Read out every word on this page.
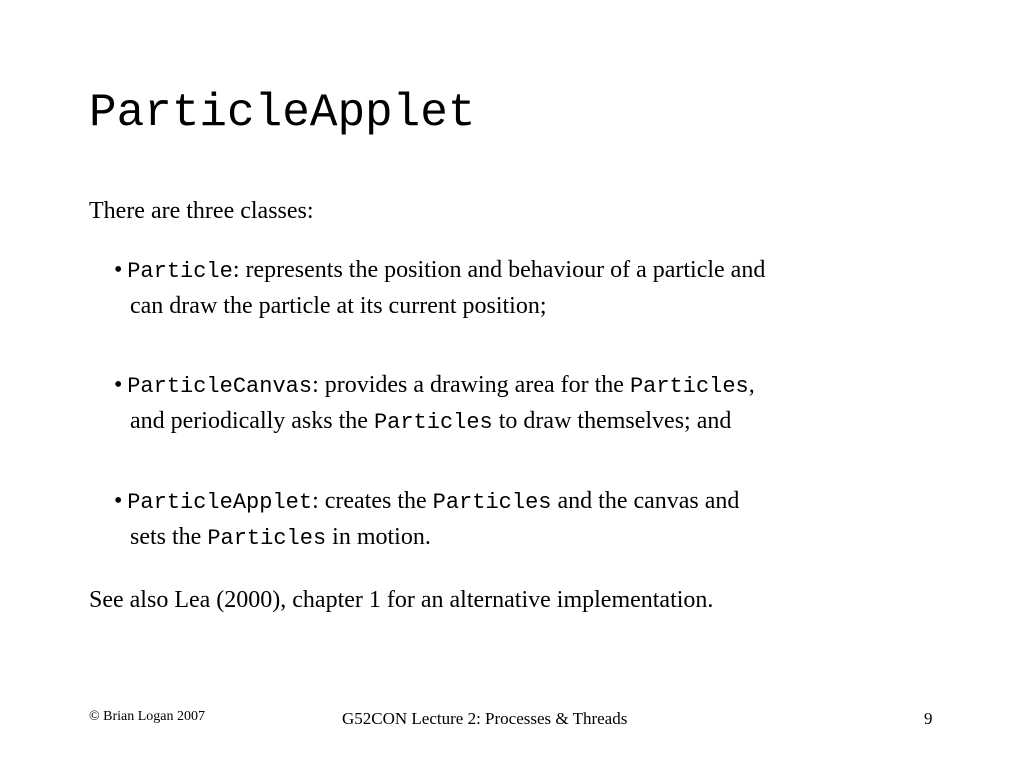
ParticleApplet
There are three classes:
•  Particle: represents the position and behaviour of a particle and
can draw the particle at its current position;
•  ParticleCanvas: provides a drawing area for the Particles,
and periodically asks the Particles to draw themselves; and
•  ParticleApplet: creates the Particles and the canvas and
sets the Particles in motion.
See also Lea (2000), chapter 1 for an alternative implementation.
© Brian Logan 2007	G52CON Lecture 2: Processes & Threads	9
